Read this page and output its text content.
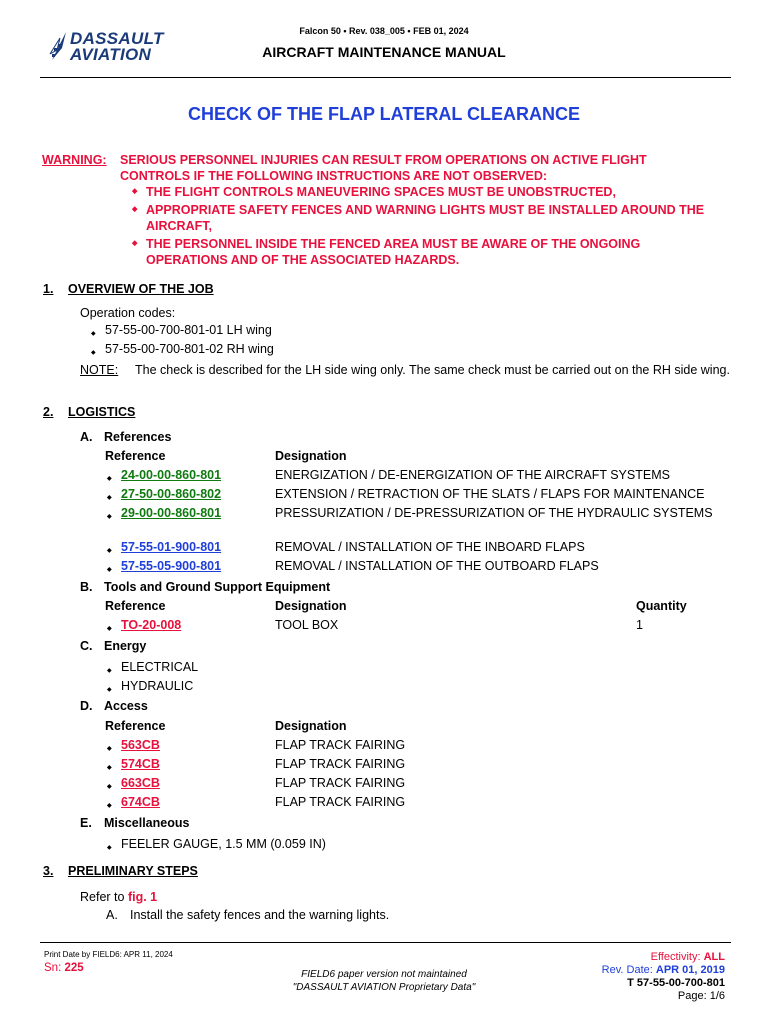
DASSAULT
AVIATION
Falcon 50 • Rev. 038_005 • FEB 01, 2024
AIRCRAFT MAINTENANCE MANUAL
CHECK OF THE FLAP LATERAL CLEARANCE
WARNING: SERIOUS PERSONNEL INJURIES CAN RESULT FROM OPERATIONS ON ACTIVE FLIGHT CONTROLS IF THE FOLLOWING INSTRUCTIONS ARE NOT OBSERVED:
◆ THE FLIGHT CONTROLS MANEUVERING SPACES MUST BE UNOBSTRUCTED,
◆ APPROPRIATE SAFETY FENCES AND WARNING LIGHTS MUST BE INSTALLED AROUND THE AIRCRAFT,
◆ THE PERSONNEL INSIDE THE FENCED AREA MUST BE AWARE OF THE ONGOING OPERATIONS AND OF THE ASSOCIATED HAZARDS.
1. OVERVIEW OF THE JOB
Operation codes:
◆ 57-55-00-700-801-01 LH wing
◆ 57-55-00-700-801-02 RH wing
NOTE: The check is described for the LH side wing only. The same check must be carried out on the RH side wing.
2. LOGISTICS
A. References
Reference	Designation
◆ 24-00-00-860-801	ENERGIZATION / DE-ENERGIZATION OF THE AIRCRAFT SYSTEMS
◆ 27-50-00-860-802	EXTENSION / RETRACTION OF THE SLATS / FLAPS FOR MAINTENANCE
◆ 29-00-00-860-801	PRESSURIZATION / DE-PRESSURIZATION OF THE HYDRAULIC SYSTEMS
◆ 57-55-01-900-801	REMOVAL / INSTALLATION OF THE INBOARD FLAPS
◆ 57-55-05-900-801	REMOVAL / INSTALLATION OF THE OUTBOARD FLAPS
B. Tools and Ground Support Equipment
Reference	Designation	Quantity
◆ TO-20-008	TOOL BOX	1
C. Energy
◆ ELECTRICAL
◆ HYDRAULIC
D. Access
Reference	Designation
◆ 563CB	FLAP TRACK FAIRING
◆ 574CB	FLAP TRACK FAIRING
◆ 663CB	FLAP TRACK FAIRING
◆ 674CB	FLAP TRACK FAIRING
E. Miscellaneous
◆ FEELER GAUGE, 1.5 MM (0.059 IN)
3. PRELIMINARY STEPS
Refer to fig. 1
A. Install the safety fences and the warning lights.
Print Date by FIELD6: APR 11, 2024
Sn: 225
FIELD6 paper version not maintained
"DASSAULT AVIATION Proprietary Data"
Effectivity: ALL
Rev. Date: APR 01, 2019
T 57-55-00-700-801
Page: 1/6
